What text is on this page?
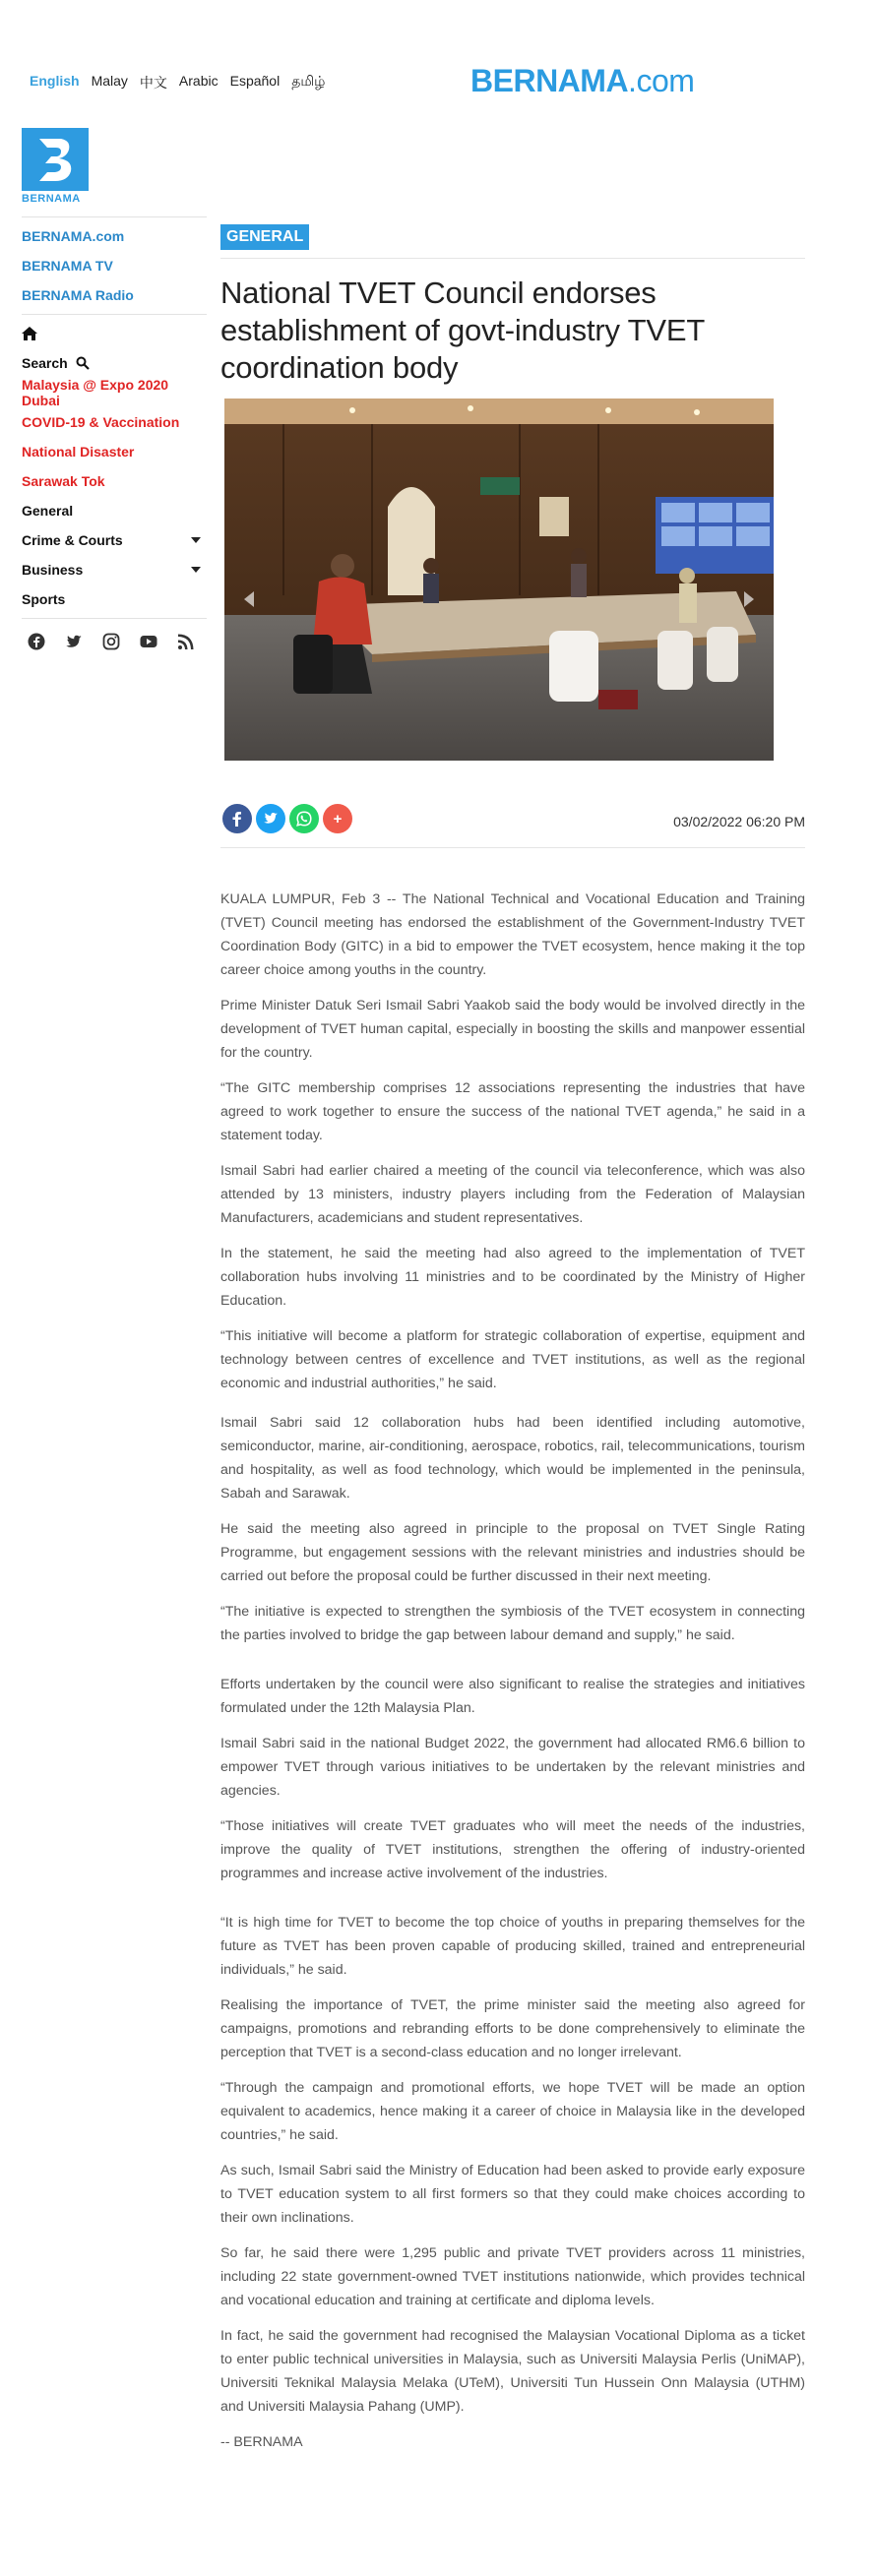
English Malay 中文 Arabic Español தமிழ்	BERNAMA.com
BERNAMA
BERNAMA.com
BERNAMA TV
BERNAMA Radio
Search
Malaysia @ Expo 2020 Dubai
COVID-19 & Vaccination
National Disaster
Sarawak Tok
General
Crime & Courts
Business
Sports
GENERAL
National TVET Council endorses establishment of govt-industry TVET coordination body
+	03/02/2022 06:20 PM

KUALA LUMPUR, Feb 3 -- The National Technical and Vocational Education and Training (TVET) Council meeting has endorsed the establishment of the Government-Industry TVET Coordination Body (GITC) in a bid to empower the TVET ecosystem, hence making it the top career choice among youths in the country.

Prime Minister Datuk Seri Ismail Sabri Yaakob said the body would be involved directly in the development of TVET human capital, especially in boosting the skills and manpower essential for the country.

“The GITC membership comprises 12 associations representing the industries that have agreed to work together to ensure the success of the national TVET agenda,” he said in a statement today.

Ismail Sabri had earlier chaired a meeting of the council via teleconference, which was also attended by 13 ministers, industry players including from the Federation of Malaysian Manufacturers, academicians and student representatives.

In the statement, he said the meeting had also agreed to the implementation of TVET collaboration hubs involving 11 ministries and to be coordinated by the Ministry of Higher Education.

“This initiative will become a platform for strategic collaboration of expertise, equipment and technology between centres of excellence and TVET institutions, as well as the regional economic and industrial authorities,” he said.

Ismail Sabri said 12 collaboration hubs had been identified including automotive, semiconductor, marine, air-conditioning, aerospace, robotics, rail, telecommunications, tourism and hospitality, as well as food technology, which would be implemented in the peninsula, Sabah and Sarawak.

He said the meeting also agreed in principle to the proposal on TVET Single Rating Programme, but engagement sessions with the relevant ministries and industries should be carried out before the proposal could be further discussed in their next meeting.

“The initiative is expected to strengthen the symbiosis of the TVET ecosystem in connecting the parties involved to bridge the gap between labour demand and supply,” he said.

Efforts undertaken by the council were also significant to realise the strategies and initiatives formulated under the 12th Malaysia Plan.

Ismail Sabri said in the national Budget 2022, the government had allocated RM6.6 billion to empower TVET through various initiatives to be undertaken by the relevant ministries and agencies.

“Those initiatives will create TVET graduates who will meet the needs of the industries, improve the quality of TVET institutions, strengthen the offering of industry-oriented programmes and increase active involvement of the industries.

“It is high time for TVET to become the top choice of youths in preparing themselves for the future as TVET has been proven capable of producing skilled, trained and entrepreneurial individuals,” he said.

Realising the importance of TVET, the prime minister said the meeting also agreed for campaigns, promotions and rebranding efforts to be done comprehensively to eliminate the perception that TVET is a second-class education and no longer irrelevant.

“Through the campaign and promotional efforts, we hope TVET will be made an option equivalent to academics, hence making it a career of choice in Malaysia like in the developed countries,” he said.

As such, Ismail Sabri said the Ministry of Education had been asked to provide early exposure to TVET education system to all first formers so that they could make choices according to their own inclinations.

So far, he said there were 1,295 public and private TVET providers across 11 ministries, including 22 state government-owned TVET institutions nationwide, which provides technical and vocational education and training at certificate and diploma levels.

In fact, he said the government had recognised the Malaysian Vocational Diploma as a ticket to enter public technical universities in Malaysia, such as Universiti Malaysia Perlis (UniMAP), Universiti Teknikal Malaysia Melaka (UTeM), Universiti Tun Hussein Onn Malaysia (UTHM) and Universiti Malaysia Pahang (UMP).

-- BERNAMA
